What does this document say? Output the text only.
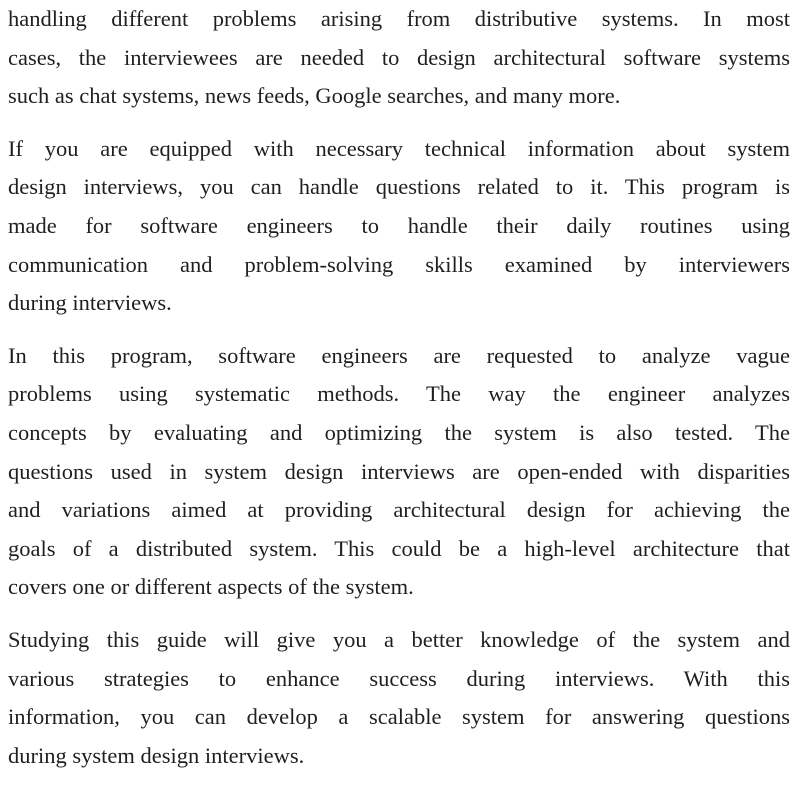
handling different problems arising from distributive systems. In most
cases, the interviewees are needed to design architectural software systems
such as chat systems, news feeds, Google searches, and many more.

If you are equipped with necessary technical information about system
design interviews, you can handle questions related to it. This program is
made for software engineers to handle their daily routines using
communication and problem-solving skills examined by interviewers
during interviews.

In this program, software engineers are requested to analyze vague
problems using systematic methods. The way the engineer analyzes
concepts by evaluating and optimizing the system is also tested. The
questions used in system design interviews are open-ended with disparities
and variations aimed at providing architectural design for achieving the
goals of a distributed system. This could be a high-level architecture that
covers one or different aspects of the system.

Studying this guide will give you a better knowledge of the system and
various strategies to enhance success during interviews. With this
information, you can develop a scalable system for answering questions
during system design interviews.
